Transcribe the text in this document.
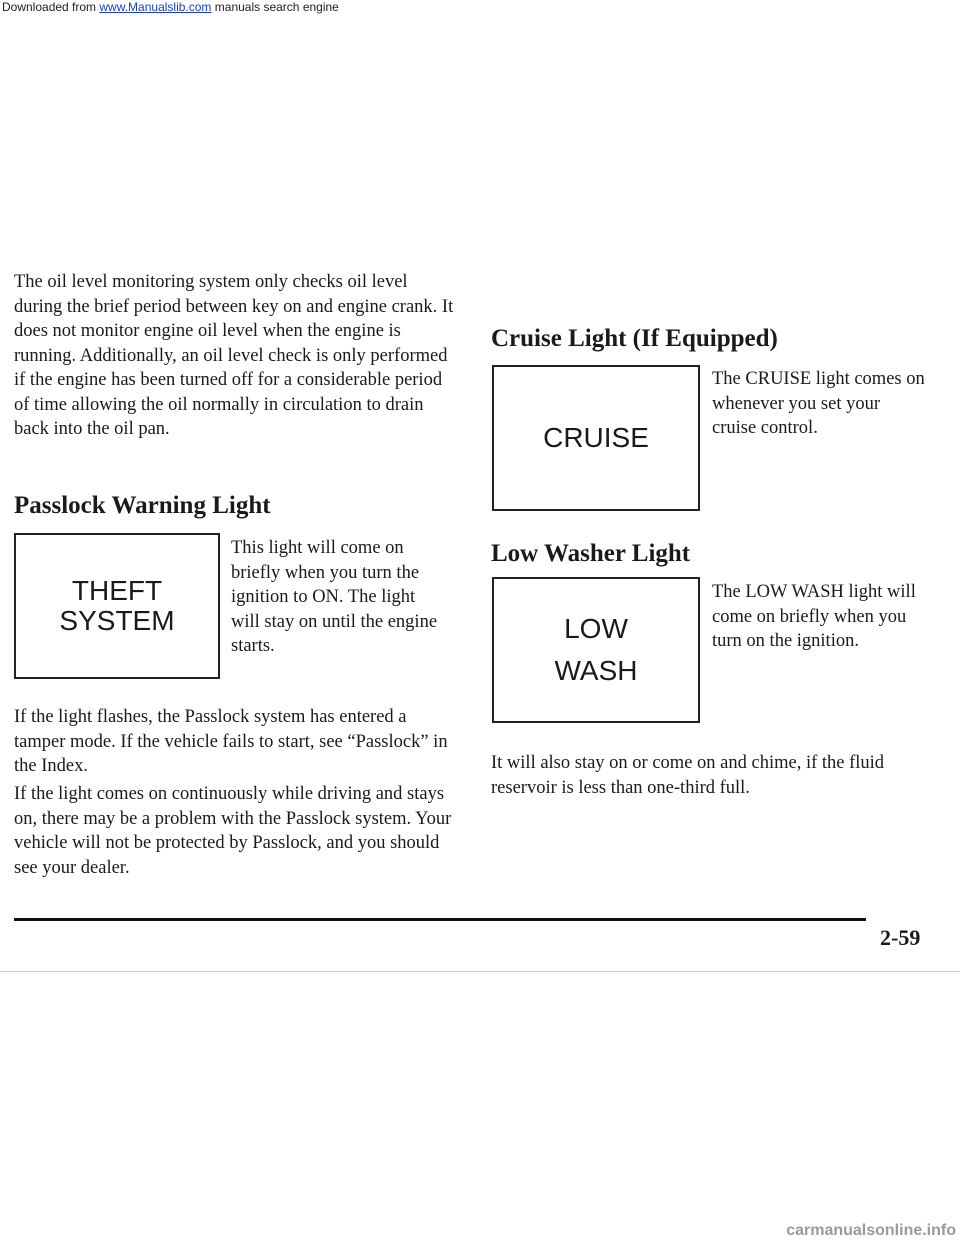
Downloaded from www.Manualslib.com manuals search engine

The oil level monitoring system only checks oil level during the brief period between key on and engine crank. It does not monitor engine oil level when the engine is running. Additionally, an oil level check is only performed if the engine has been turned off for a considerable period of time allowing the oil normally in circulation to drain back into the oil pan.

Passlock Warning Light
THEFT
SYSTEM

This light will come on briefly when you turn the ignition to ON. The light will stay on until the engine starts.

If the light flashes, the Passlock system has entered a tamper mode. If the vehicle fails to start, see “Passlock” in the Index.

If the light comes on continuously while driving and stays on, there may be a problem with the Passlock system. Your vehicle will not be protected by Passlock, and you should see your dealer.

Cruise Light (If Equipped)
CRUISE

The CRUISE light comes on whenever you set your cruise control.

Low Washer Light
LOW
WASH

The LOW WASH light will come on briefly when you turn on the ignition.

It will also stay on or come on and chime, if the fluid reservoir is less than one-third full.

2-59
carmanualsonline.info
